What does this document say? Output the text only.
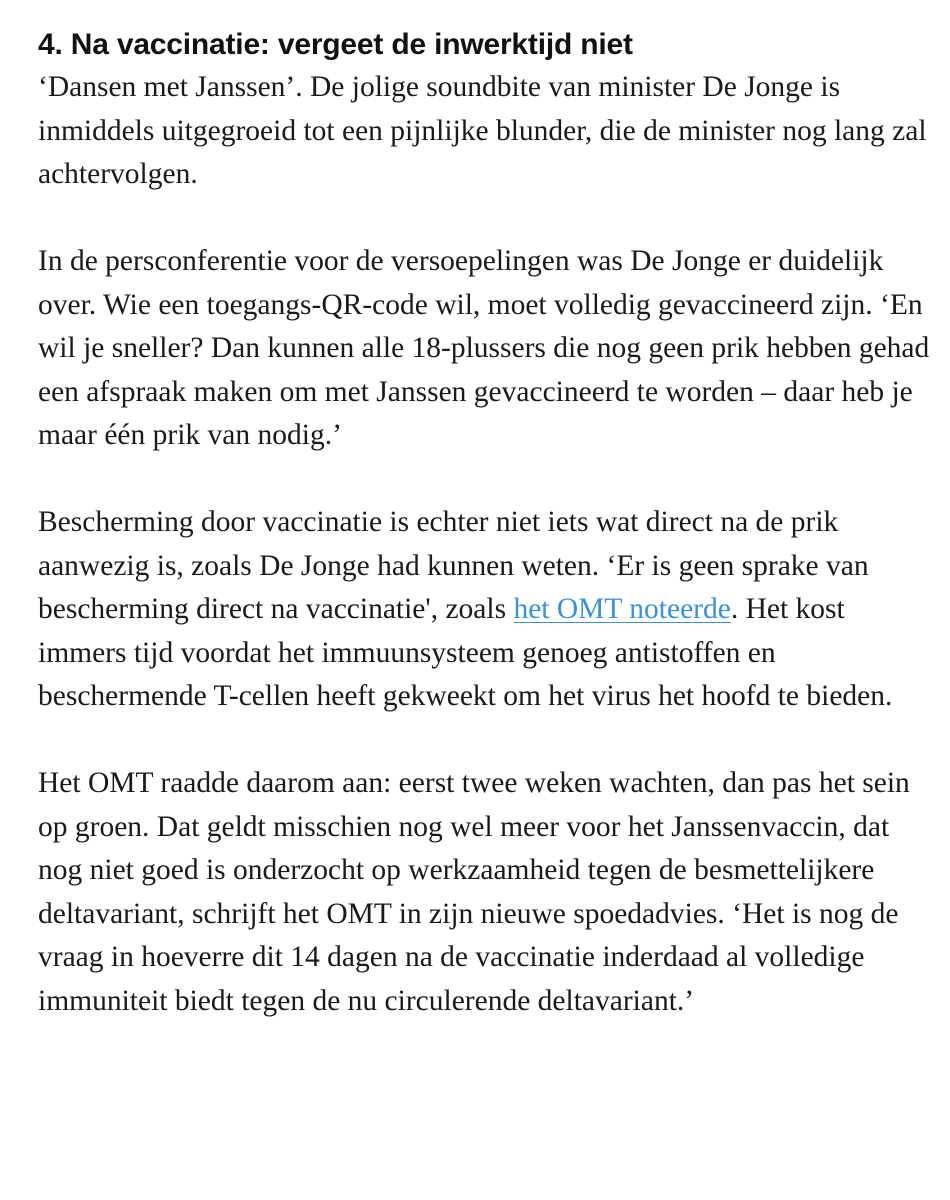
4. Na vaccinatie: vergeet de inwerktijd niet

‘Dansen met Janssen’. De jolige soundbite van minister De Jonge is inmiddels uitgegroeid tot een pijnlijke blunder, die de minister nog lang zal achtervolgen.

In de persconferentie voor de versoepelingen was De Jonge er duidelijk over. Wie een toegangs-QR-code wil, moet volledig gevaccineerd zijn. ‘En wil je sneller? Dan kunnen alle 18-plussers die nog geen prik hebben gehad een afspraak maken om met Janssen gevaccineerd te worden – daar heb je maar één prik van nodig.’

Bescherming door vaccinatie is echter niet iets wat direct na de prik aanwezig is, zoals De Jonge had kunnen weten. ‘Er is geen sprake van bescherming direct na vaccinatie', zoals het OMT noteerde. Het kost immers tijd voordat het immuunsysteem genoeg antistoffen en beschermende T-cellen heeft gekweekt om het virus het hoofd te bieden.

Het OMT raadde daarom aan: eerst twee weken wachten, dan pas het sein op groen. Dat geldt misschien nog wel meer voor het Janssenvaccin, dat nog niet goed is onderzocht op werkzaamheid tegen de besmettelijkere deltavariant, schrijft het OMT in zijn nieuwe spoedadvies. ‘Het is nog de vraag in hoeverre dit 14 dagen na de vaccinatie inderdaad al volledige immuniteit biedt tegen de nu circulerende deltavariant.’
